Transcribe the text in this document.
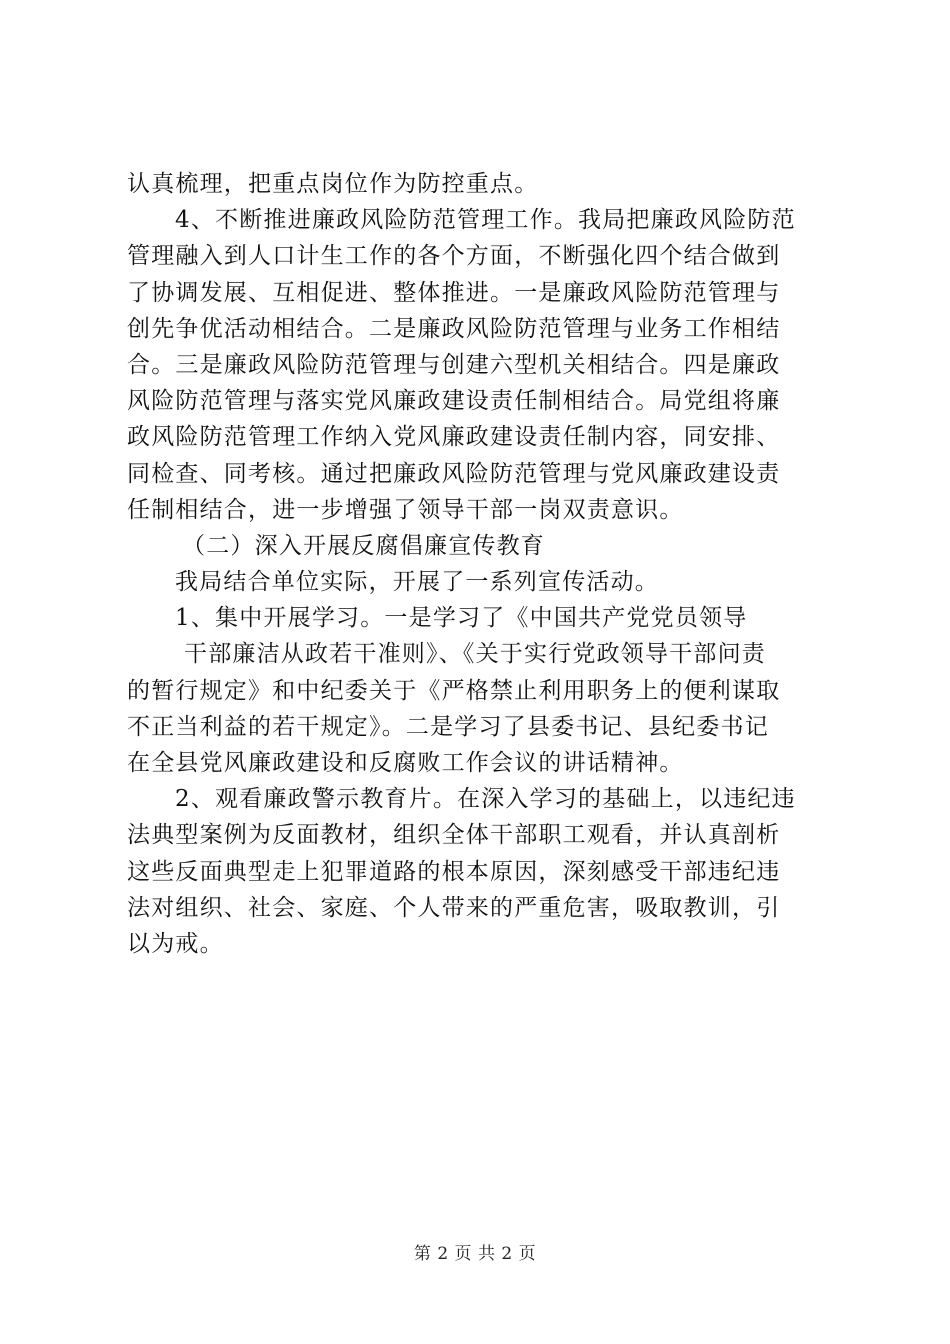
认真梳理，把重点岗位作为防控重点。
4、不断推进廉政风险防范管理工作。我局把廉政风险防范
管理融入到人口计生工作的各个方面，不断强化四个结合做到
了协调发展、互相促进、整体推进。一是廉政风险防范管理与
创先争优活动相结合。二是廉政风险防范管理与业务工作相结
合。三是廉政风险防范管理与创建六型机关相结合。四是廉政
风险防范管理与落实党风廉政建设责任制相结合。局党组将廉
政风险防范管理工作纳入党风廉政建设责任制内容，同安排、
同检查、同考核。通过把廉政风险防范管理与党风廉政建设责
任制相结合，进一步增强了领导干部一岗双责意识。
（二）深入开展反腐倡廉宣传教育
我局结合单位实际，开展了一系列宣传活动。
1、集中开展学习。一是学习了《中国共产党党员领导
干部廉洁从政若干准则》、《关于实行党政领导干部问责
的暂行规定》和中纪委关于《严格禁止利用职务上的便利谋取
不正当利益的若干规定》。二是学习了县委书记、县纪委书记
在全县党风廉政建设和反腐败工作会议的讲话精神。
2、观看廉政警示教育片。在深入学习的基础上，以违纪违
法典型案例为反面教材，组织全体干部职工观看，并认真剖析
这些反面典型走上犯罪道路的根本原因，深刻感受干部违纪违
法对组织、社会、家庭、个人带来的严重危害，吸取教训，引
以为戒。
第 2 页 共 2 页
